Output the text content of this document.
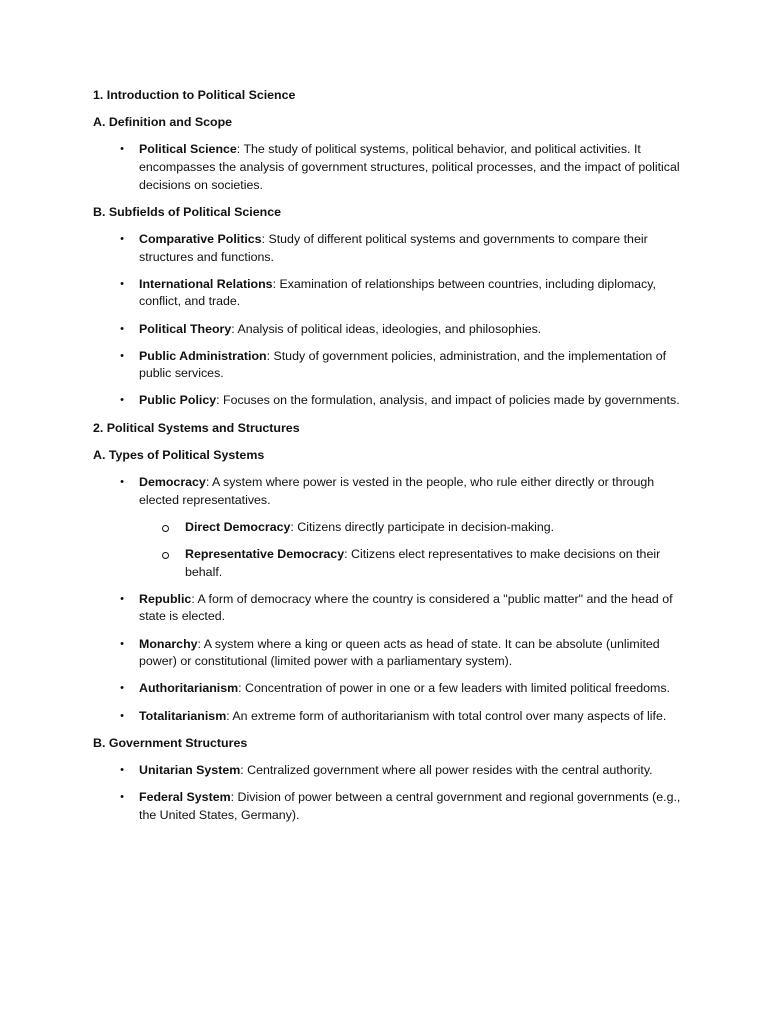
1. Introduction to Political Science
A. Definition and Scope
• Political Science: The study of political systems, political behavior, and political activities. It encompasses the analysis of government structures, political processes, and the impact of political decisions on societies.
B. Subfields of Political Science
• Comparative Politics: Study of different political systems and governments to compare their structures and functions.
• International Relations: Examination of relationships between countries, including diplomacy, conflict, and trade.
• Political Theory: Analysis of political ideas, ideologies, and philosophies.
• Public Administration: Study of government policies, administration, and the implementation of public services.
• Public Policy: Focuses on the formulation, analysis, and impact of policies made by governments.
2. Political Systems and Structures
A. Types of Political Systems
• Democracy: A system where power is vested in the people, who rule either directly or through elected representatives.
Direct Democracy: Citizens directly participate in decision-making.
Representative Democracy: Citizens elect representatives to make decisions on their behalf.
• Republic: A form of democracy where the country is considered a "public matter" and the head of state is elected.
• Monarchy: A system where a king or queen acts as head of state. It can be absolute (unlimited power) or constitutional (limited power with a parliamentary system).
• Authoritarianism: Concentration of power in one or a few leaders with limited political freedoms.
• Totalitarianism: An extreme form of authoritarianism with total control over many aspects of life.
B. Government Structures
• Unitarian System: Centralized government where all power resides with the central authority.
• Federal System: Division of power between a central government and regional governments (e.g., the United States, Germany).
